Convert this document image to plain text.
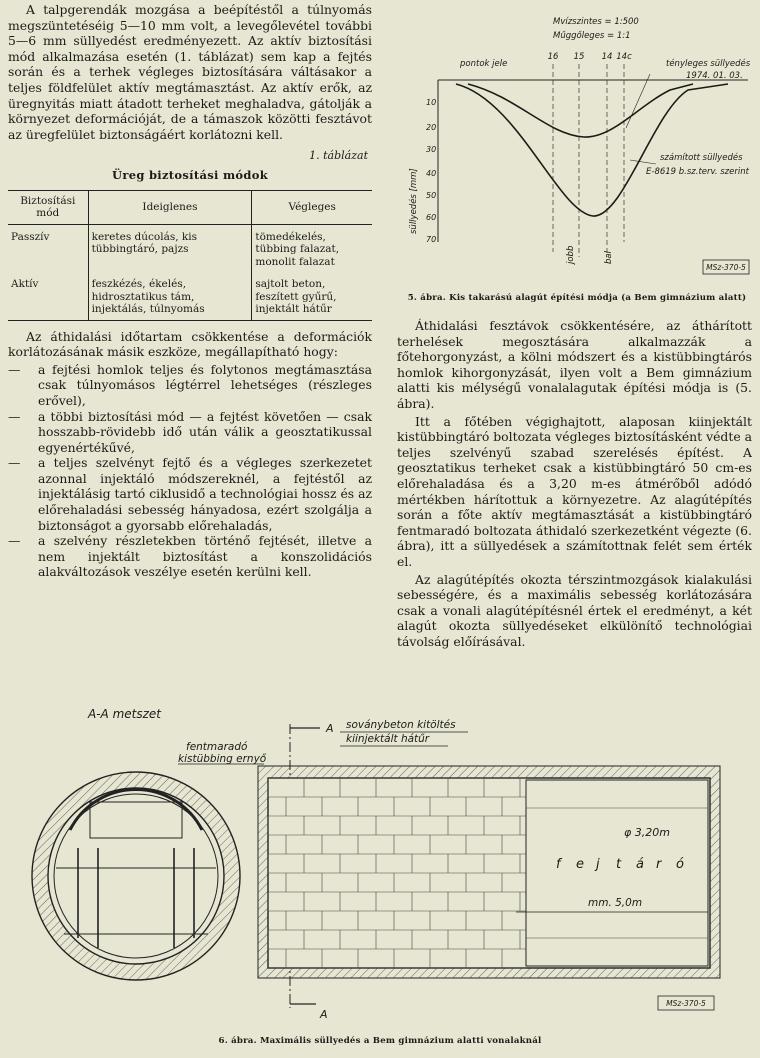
A talpgerendák mozgása a beépítéstől a túlnyomás megszüntetéséig 5—10 mm volt, a levegőlevétel további 5—6 mm süllyedést eredményezett. Az aktív biztosítási mód alkalmazása esetén (1. táblázat) sem kap a fejtés során és a terhek végleges biztosítására váltásakor a teljes földfelület aktív megtámasztást. Az aktív erők, az üregnyitás miatt átadott terheket meghaladva, gátolják a környezet deformációját, de a támaszok közötti fesztávot az üregfelület biztonságáért korlátozni kell.

1. táblázat
Üreg biztosítási módok
Biztosítási mód	Ideiglenes	Végleges
Passzív	keretes dúcolás, kis tübbingtáró, pajzs	tömedékelés, tübbing falazat, monolit falazat
Aktív	feszkézés, ékelés, hidrosztatikus tám, injektálás, túlnyomás	sajtolt beton, feszített gyűrű, injektált hátűr

Az áthidalási időtartam csökkentése a deformációk korlátozásának másik eszköze, megállapítható hogy:

— a fejtési homlok teljes és folytonos megtámasztása csak túlnyomásos légtérrel lehetséges (részleges erővel),
— a többi biztosítási mód — a fejtést követően — csak hosszabb-rövidebb idő után válik a geosztatikussal egyenértékűvé,
— a teljes szelvényt fejtő és a végleges szerkezetet azonnal injektáló módszereknél, a fejtéstől az injektálásig tartó ciklusidő a technológiai hossz és az előrehaladási sebesség hányadosa, ezért szolgálja a biztonságot a gyorsabb előrehaladás,
— a szelvény részletekben történő fejtését, illetve a nem injektált biztosítást a konszolidációs alakváltozások veszélye esetén kerülni kell.
Mvízszintes = 1:500
Műggőleges = 1:1
pontok jele
16 15 14 14c
tényleges süllyedés
1974. 01. 03.
számított süllyedés
E-8619 b.sz.terv. szerint
süllyedés [mm]
jobb	bal
10
20
30
40
50
60
70
MSz-370-5
5. ábra. Kis takarású alagút építési módja (a Bem gimnázium alatt)

Áthidalási fesztávok csökkentésére, az áthárított terhelések megosztására alkalmazzák a főtehorgonyzást, a kölni módszert és a kistübbingtárós homlok kihorgonyzását, ilyen volt a Bem gimnázium alatti kis mélységű vonalalagutak építési módja is (5. ábra).

Itt a főtében végighajtott, alaposan kiinjektált kistübbingtáró boltozata végleges biztosításként védte a teljes szelvényű szabad szerelésés építést. A geosztatikus terheket csak a kistübbingtáró 50 cm-es előrehaladása és a 3,20 m-es átmérőből adódó mértékben hárítottuk a környezetre. Az alagútépítés során a főte aktív megtámasztását a kistübbingtáró fentmaradó boltozata áthidaló szerkezetként végezte (6. ábra), itt a süllyedések a számítottnak felét sem érték el.

Az alagútépítés okozta térszintmozgások kialakulási sebességére, és a maximális sebesség korlátozására csak a vonali alagútépítésnél értek el eredményt, a két alagút okozta süllyedéseket elkülönítő technológiai távolság előírásával.

A-A metszet
fentmaradó
kistübbing ernyő
A
A
soványbeton kitöltés
kiinjektált hátűr
φ 3,20m
f e j t á r ó
mm. 5,0m
MSz-370-5
6. ábra. Maximális süllyedés a Bem gimnázium alatti vonalaknál
